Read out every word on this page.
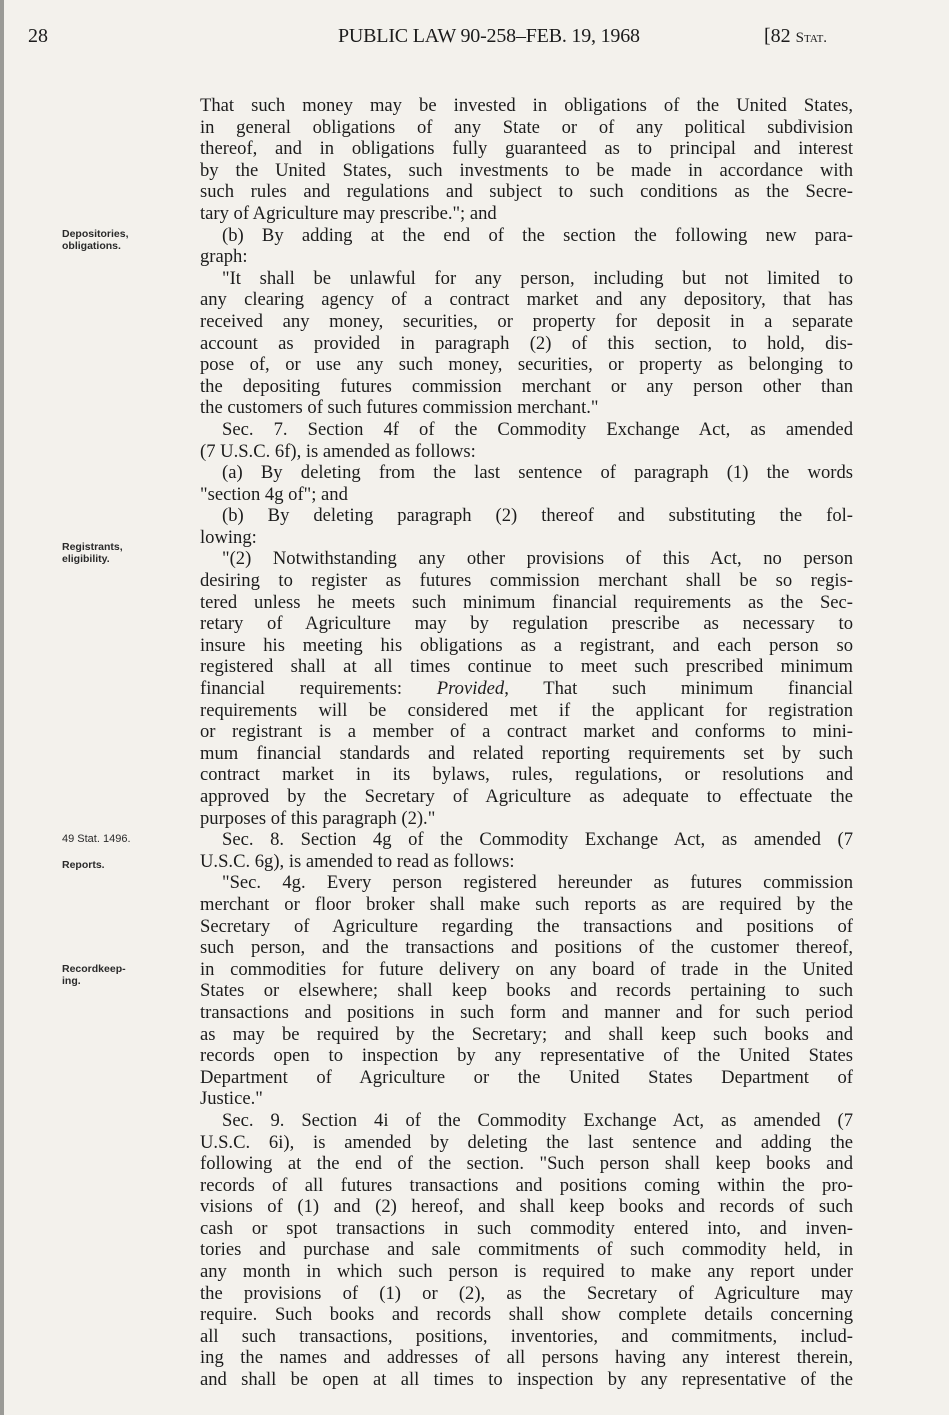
28	PUBLIC LAW 90-258–FEB. 19, 1968	[82 Stat.
Depositories, obligations.
Registrants, eligibility.
49 Stat. 1496.
Reports.
Recordkeep- ing.
That such money may be invested in obligations of the United States,
in general obligations of any State or of any political subdivision
thereof, and in obligations fully guaranteed as to principal and interest
by the United States, such investments to be made in accordance with
such rules and regulations and subject to such conditions as the Secre-
tary of Agriculture may prescribe."; and
(b) By adding at the end of the section the following new para-
graph:
"It shall be unlawful for any person, including but not limited to
any clearing agency of a contract market and any depository, that has
received any money, securities, or property for deposit in a separate
account as provided in paragraph (2) of this section, to hold, dis-
pose of, or use any such money, securities, or property as belonging to
the depositing futures commission merchant or any person other than
the customers of such futures commission merchant."
Sec. 7. Section 4f of the Commodity Exchange Act, as amended
(7 U.S.C. 6f), is amended as follows:
(a) By deleting from the last sentence of paragraph (1) the words
"section 4g of"; and
(b) By deleting paragraph (2) thereof and substituting the fol-
lowing:
"(2) Notwithstanding any other provisions of this Act, no person
desiring to register as futures commission merchant shall be so regis-
tered unless he meets such minimum financial requirements as the Sec-
retary of Agriculture may by regulation prescribe as necessary to
insure his meeting his obligations as a registrant, and each person so
registered shall at all times continue to meet such prescribed minimum
financial requirements: Provided, That such minimum financial
requirements will be considered met if the applicant for registration
or registrant is a member of a contract market and conforms to mini-
mum financial standards and related reporting requirements set by such
contract market in its bylaws, rules, regulations, or resolutions and
approved by the Secretary of Agriculture as adequate to effectuate the
purposes of this paragraph (2)."
Sec. 8. Section 4g of the Commodity Exchange Act, as amended (7
U.S.C. 6g), is amended to read as follows:
"Sec. 4g. Every person registered hereunder as futures commission
merchant or floor broker shall make such reports as are required by the
Secretary of Agriculture regarding the transactions and positions of
such person, and the transactions and positions of the customer thereof,
in commodities for future delivery on any board of trade in the United
States or elsewhere; shall keep books and records pertaining to such
transactions and positions in such form and manner and for such period
as may be required by the Secretary; and shall keep such books and
records open to inspection by any representative of the United States
Department of Agriculture or the United States Department of
Justice."
Sec. 9. Section 4i of the Commodity Exchange Act, as amended (7
U.S.C. 6i), is amended by deleting the last sentence and adding the
following at the end of the section. "Such person shall keep books and
records of all futures transactions and positions coming within the pro-
visions of (1) and (2) hereof, and shall keep books and records of such
cash or spot transactions in such commodity entered into, and inven-
tories and purchase and sale commitments of such commodity held, in
any month in which such person is required to make any report under
the provisions of (1) or (2), as the Secretary of Agriculture may
require. Such books and records shall show complete details concerning
all such transactions, positions, inventories, and commitments, includ-
ing the names and addresses of all persons having any interest therein,
and shall be open at all times to inspection by any representative of the
